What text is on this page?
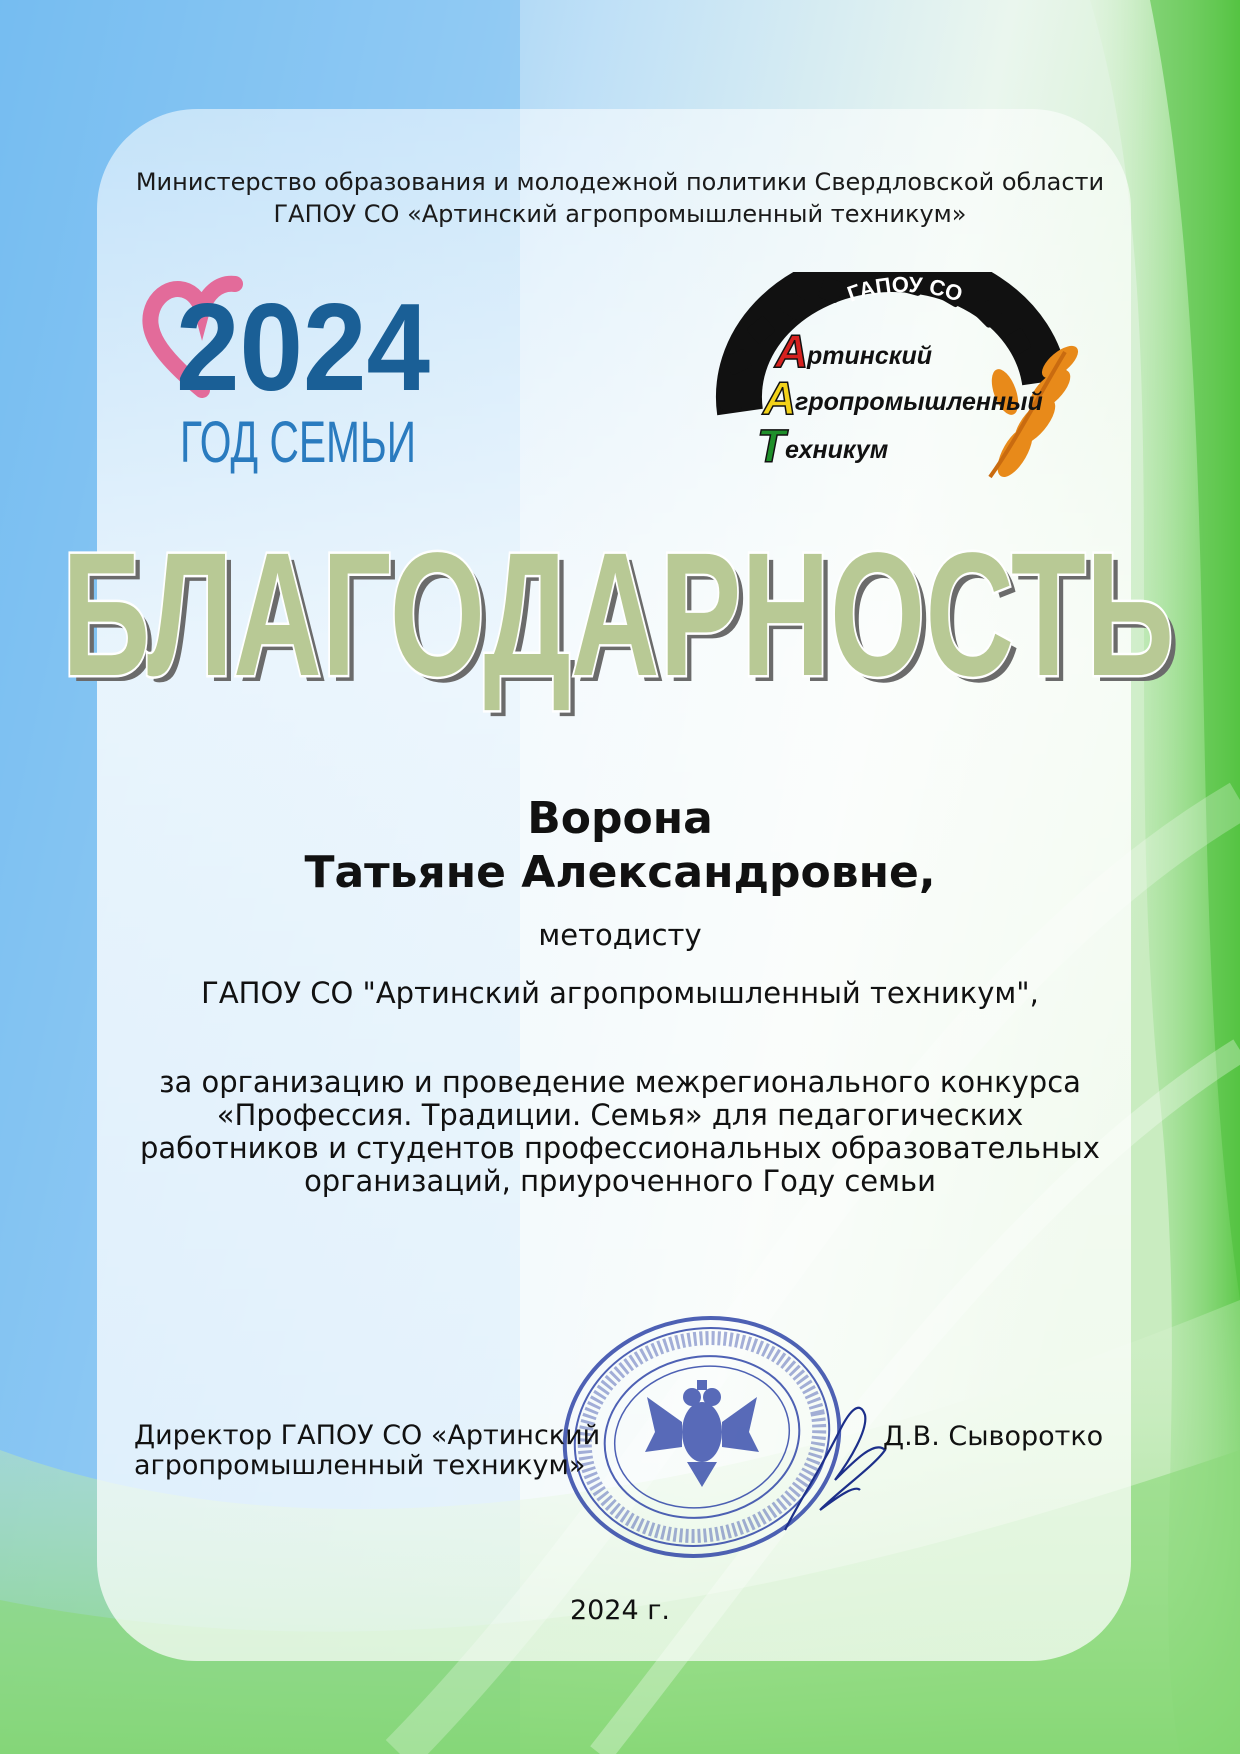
Министерство образования и молодежной политики Свердловской области
ГАПОУ СО «Артинский агропромышленный техникум»
2024
ГОД СЕМЬИ
ГАПОУ СО
А
ртинский
А
гропромышленный
Т ехникум
БЛАГОДАРНОСТЬ
БЛАГОДАРНОСТЬ
Ворона
Татьяне Александровне,
методисту
ГАПОУ СО "Артинский агропромышленный техникум",
за организацию и проведение межрегионального конкурса
«Профессия. Традиции. Семья» для педагогических
работников и студентов профессиональных образовательных
организаций, приуроченного Году семьи
Директор ГАПОУ СО «Артинский
агропромышленный техникум»
Д.В. Сыворотко
2024 г.
